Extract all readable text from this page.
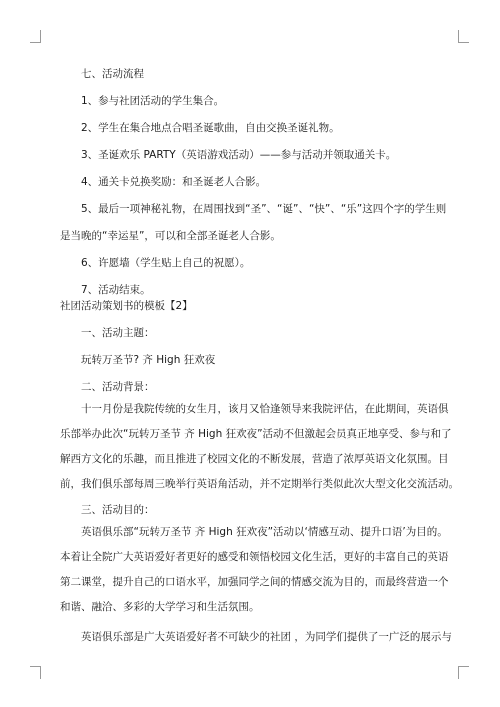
七、活动流程

1、参与社团活动的学生集合。

2、学生在集合地点合唱圣诞歌曲，自由交换圣诞礼物。

3、圣诞欢乐 PARTY（英语游戏活动）——参与活动并领取通关卡。

4、通关卡兑换奖励：和圣诞老人合影。

5、最后一项神秘礼物，在周围找到“圣”、“诞”、“快”、“乐”这四个字的学生则

是当晚的“幸运星”，可以和全部圣诞老人合影。

6、许愿墙（学生贴上自己的祝愿）。

7、活动结束。

社团活动策划书的模板【2】

一、活动主题：

玩转万圣节? 齐 High 狂欢夜

二、活动背景：

十一月份是我院传统的女生月，该月又恰逢领导来我院评估，在此期间，英语俱
乐部举办此次“玩转万圣节 齐 High 狂欢夜”活动不但激起会员真正地享受、参与和了
解西方文化的乐趣，而且推进了校园文化的不断发展，营造了浓厚英语文化氛围。目
前，我们俱乐部每周三晚举行英语角活动，并不定期举行类似此次大型文化交流活动。

三、活动目的：

英语俱乐部“玩转万圣节 齐 High 狂欢夜”活动以‘情感互动、提升口语’为目的。
本着让全院广大英语爱好者更好的感受和领悟校园文化生活，更好的丰富自己的英语
第二课堂，提升自己的口语水平，加强同学之间的情感交流为目的，而最终营造一个
和谐、融洽、多彩的大学学习和生活氛围。

英语俱乐部是广大英语爱好者不可缺少的社团 ，为同学们提供了一广泛的展示与
